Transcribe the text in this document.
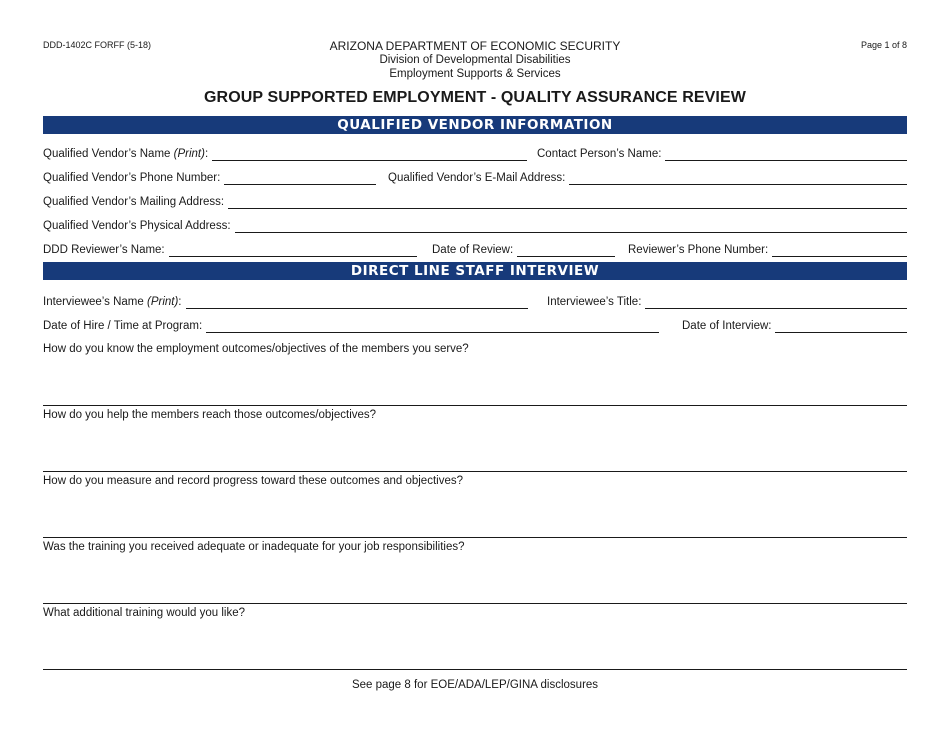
DDD-1402C FORFF (5-18)	Page 1 of 8
ARIZONA DEPARTMENT OF ECONOMIC SECURITY
Division of Developmental Disabilities
Employment Supports & Services
GROUP SUPPORTED EMPLOYMENT - QUALITY ASSURANCE REVIEW
QUALIFIED VENDOR INFORMATION
Qualified Vendor’s Name (Print):	Contact Person’s Name:
Qualified Vendor’s Phone Number:	Qualified Vendor’s E-Mail Address:
Qualified Vendor’s Mailing Address:
Qualified Vendor’s Physical Address:
DDD Reviewer’s Name:	Date of Review:	Reviewer’s Phone Number:
DIRECT LINE STAFF INTERVIEW
Interviewee’s Name (Print):	Interviewee’s Title:
Date of Hire / Time at Program:	Date of Interview:
How do you know the employment outcomes/objectives of the members you serve?
How do you help the members reach those outcomes/objectives?
How do you measure and record progress toward these outcomes and objectives?
Was the training you received adequate or inadequate for your job responsibilities?
What additional training would you like?
See page 8 for EOE/ADA/LEP/GINA disclosures
